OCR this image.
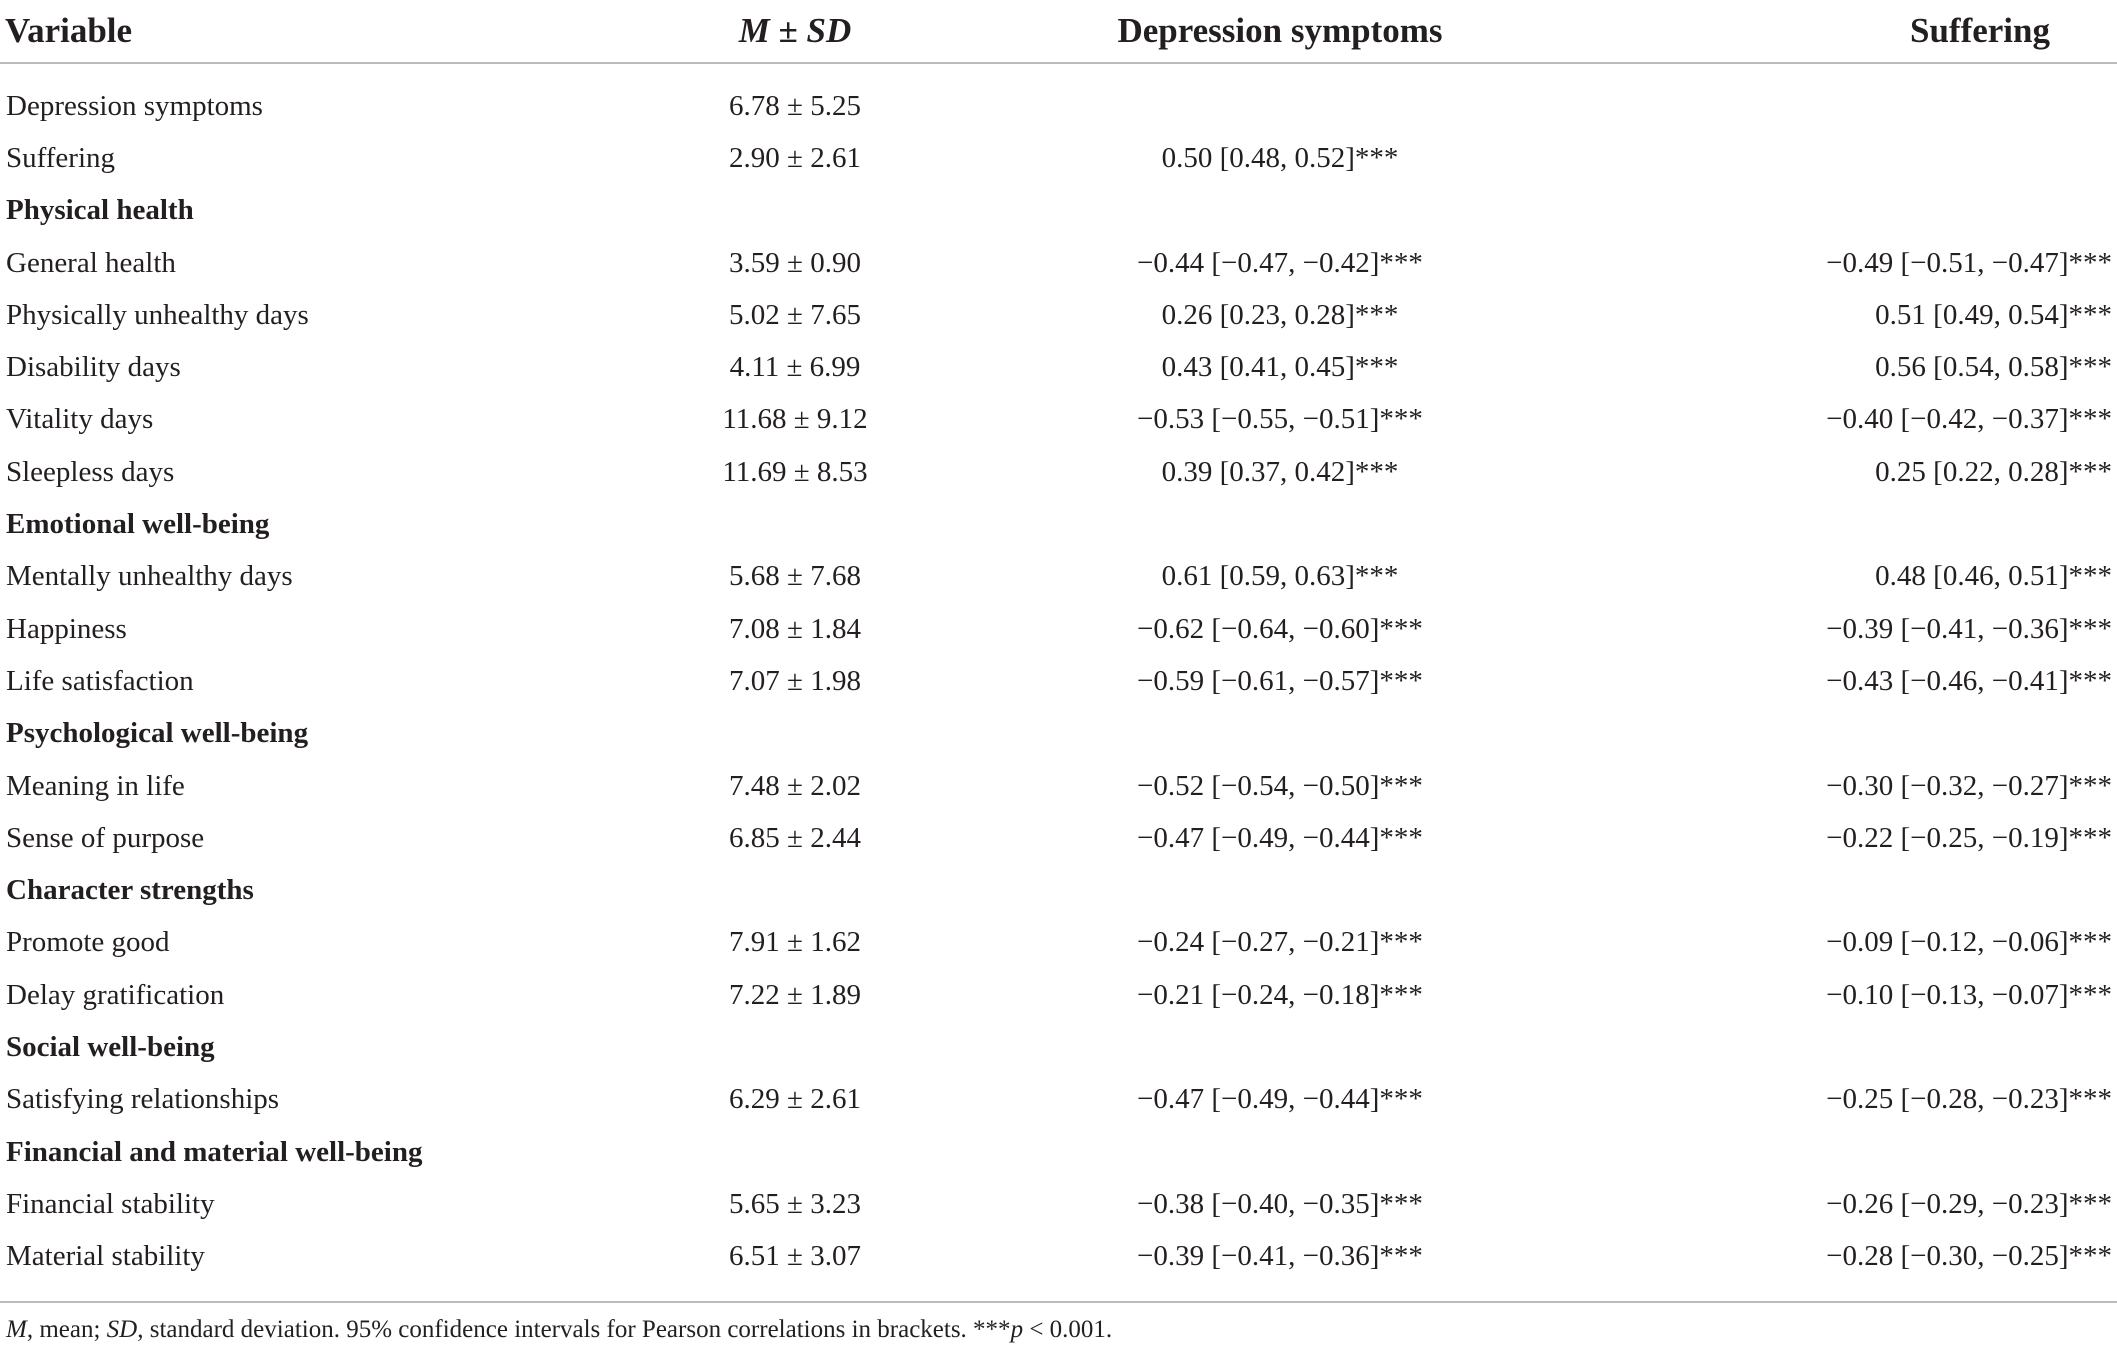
Variable	M ± SD	Depression symptoms	Suffering
Depression symptoms	6.78 ± 5.25		
Suffering	2.90 ± 2.61	0.50 [0.48, 0.52]***	
Physical health			
General health	3.59 ± 0.90	−0.44 [−0.47, −0.42]***	−0.49 [−0.51, −0.47]***
Physically unhealthy days	5.02 ± 7.65	0.26 [0.23, 0.28]***	0.51 [0.49, 0.54]***
Disability days	4.11 ± 6.99	0.43 [0.41, 0.45]***	0.56 [0.54, 0.58]***
Vitality days	11.68 ± 9.12	−0.53 [−0.55, −0.51]***	−0.40 [−0.42, −0.37]***
Sleepless days	11.69 ± 8.53	0.39 [0.37, 0.42]***	0.25 [0.22, 0.28]***
Emotional well-being			
Mentally unhealthy days	5.68 ± 7.68	0.61 [0.59, 0.63]***	0.48 [0.46, 0.51]***
Happiness	7.08 ± 1.84	−0.62 [−0.64, −0.60]***	−0.39 [−0.41, −0.36]***
Life satisfaction	7.07 ± 1.98	−0.59 [−0.61, −0.57]***	−0.43 [−0.46, −0.41]***
Psychological well-being			
Meaning in life	7.48 ± 2.02	−0.52 [−0.54, −0.50]***	−0.30 [−0.32, −0.27]***
Sense of purpose	6.85 ± 2.44	−0.47 [−0.49, −0.44]***	−0.22 [−0.25, −0.19]***
Character strengths			
Promote good	7.91 ± 1.62	−0.24 [−0.27, −0.21]***	−0.09 [−0.12, −0.06]***
Delay gratification	7.22 ± 1.89	−0.21 [−0.24, −0.18]***	−0.10 [−0.13, −0.07]***
Social well-being			
Satisfying relationships	6.29 ± 2.61	−0.47 [−0.49, −0.44]***	−0.25 [−0.28, −0.23]***
Financial and material well-being			
Financial stability	5.65 ± 3.23	−0.38 [−0.40, −0.35]***	−0.26 [−0.29, −0.23]***
Material stability	6.51 ± 3.07	−0.39 [−0.41, −0.36]***	−0.28 [−0.30, −0.25]***
M, mean; SD, standard deviation. 95% confidence intervals for Pearson correlations in brackets. ***p < 0.001.
